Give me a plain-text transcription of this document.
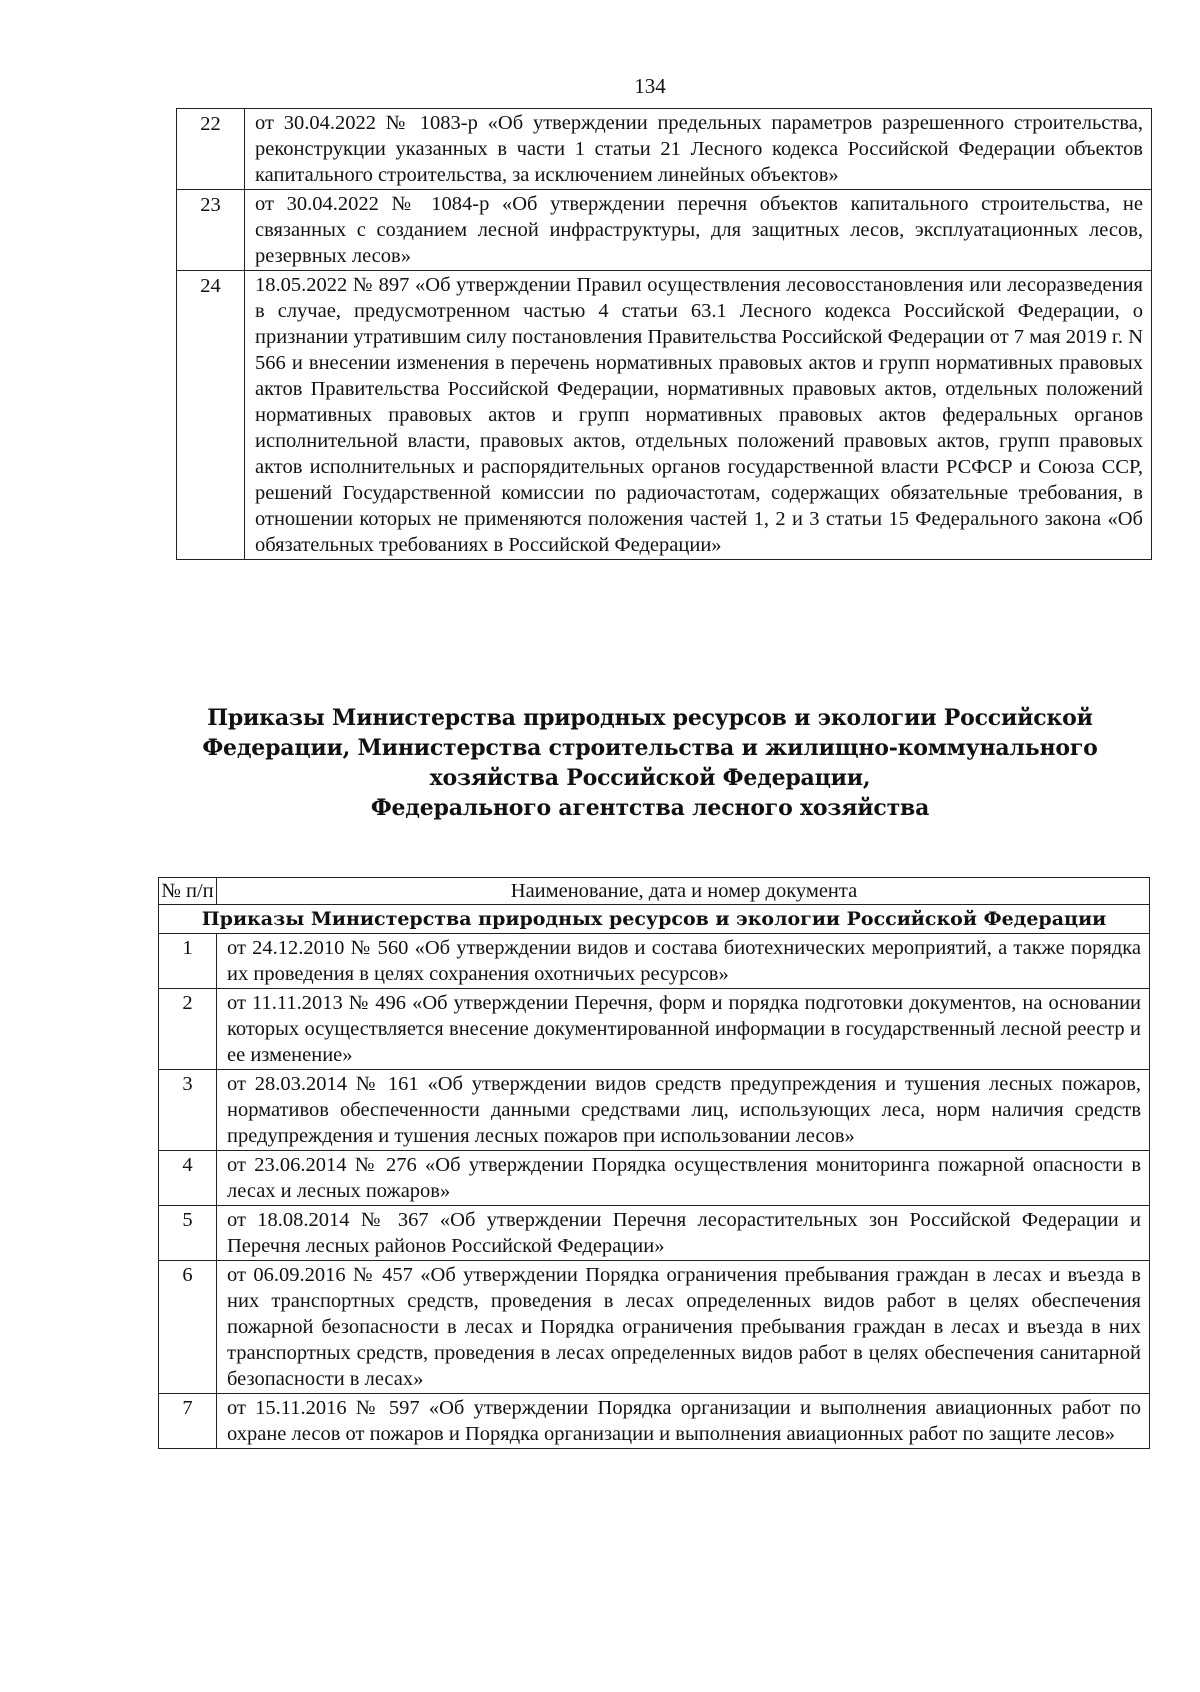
134
22	от 30.04.2022 № 1083-р «Об утверждении предельных параметров разрешенного строительства, реконструкции указанных в части 1 статьи 21 Лесного кодекса Российской Федерации объектов капитального строительства, за исключением линейных объектов»
23	от 30.04.2022 № 1084-р «Об утверждении перечня объектов капитального строительства, не связанных с созданием лесной инфраструктуры, для защитных лесов, эксплуатационных лесов, резервных лесов»
24	18.05.2022 № 897 «Об утверждении Правил осуществления лесовосстановления или лесоразведения в случае, предусмотренном частью 4 статьи 63.1 Лесного кодекса Российской Федерации, о признании утратившим силу постановления Правительства Российской Федерации от 7 мая 2019 г. N 566 и внесении изменения в перечень нормативных правовых актов и групп нормативных правовых актов Правительства Российской Федерации, нормативных правовых актов, отдельных положений нормативных правовых актов и групп нормативных правовых актов федеральных органов исполнительной власти, правовых актов, отдельных положений правовых актов, групп правовых актов исполнительных и распорядительных органов государственной власти РСФСР и Союза ССР, решений Государственной комиссии по радиочастотам, содержащих обязательные требования, в отношении которых не применяются положения частей 1, 2 и 3 статьи 15 Федерального закона «Об обязательных требованиях в Российской Федерации»
Приказы Министерства природных ресурсов и экологии Российской
Федерации, Министерства строительства и жилищно-коммунального
хозяйства Российской Федерации,
Федерального агентства лесного хозяйства
№ п/п	Наименование, дата и номер документа
Приказы Министерства природных ресурсов и экологии Российской Федерации	
1	от 24.12.2010 № 560 «Об утверждении видов и состава биотехнических мероприятий, а также порядка их проведения в целях сохранения охотничьих ресурсов»
2	от 11.11.2013 № 496 «Об утверждении Перечня, форм и порядка подготовки документов, на основании которых осуществляется внесение документированной информации в государственный лесной реестр и ее изменение»
3	от 28.03.2014 № 161 «Об утверждении видов средств предупреждения и тушения лесных пожаров, нормативов обеспеченности данными средствами лиц, использующих леса, норм наличия средств предупреждения и тушения лесных пожаров при использовании лесов»
4	от 23.06.2014 № 276 «Об утверждении Порядка осуществления мониторинга пожарной опасности в лесах и лесных пожаров»
5	от 18.08.2014 № 367 «Об утверждении Перечня лесорастительных зон Российской Федерации и Перечня лесных районов Российской Федерации»
6	от 06.09.2016 № 457 «Об утверждении Порядка ограничения пребывания граждан в лесах и въезда в них транспортных средств, проведения в лесах определенных видов работ в целях обеспечения пожарной безопасности в лесах и Порядка ограничения пребывания граждан в лесах и въезда в них транспортных средств, проведения в лесах определенных видов работ в целях обеспечения санитарной безопасности в лесах»
7	от 15.11.2016 № 597 «Об утверждении Порядка организации и выполнения авиационных работ по охране лесов от пожаров и Порядка организации и выполнения авиационных работ по защите лесов»
